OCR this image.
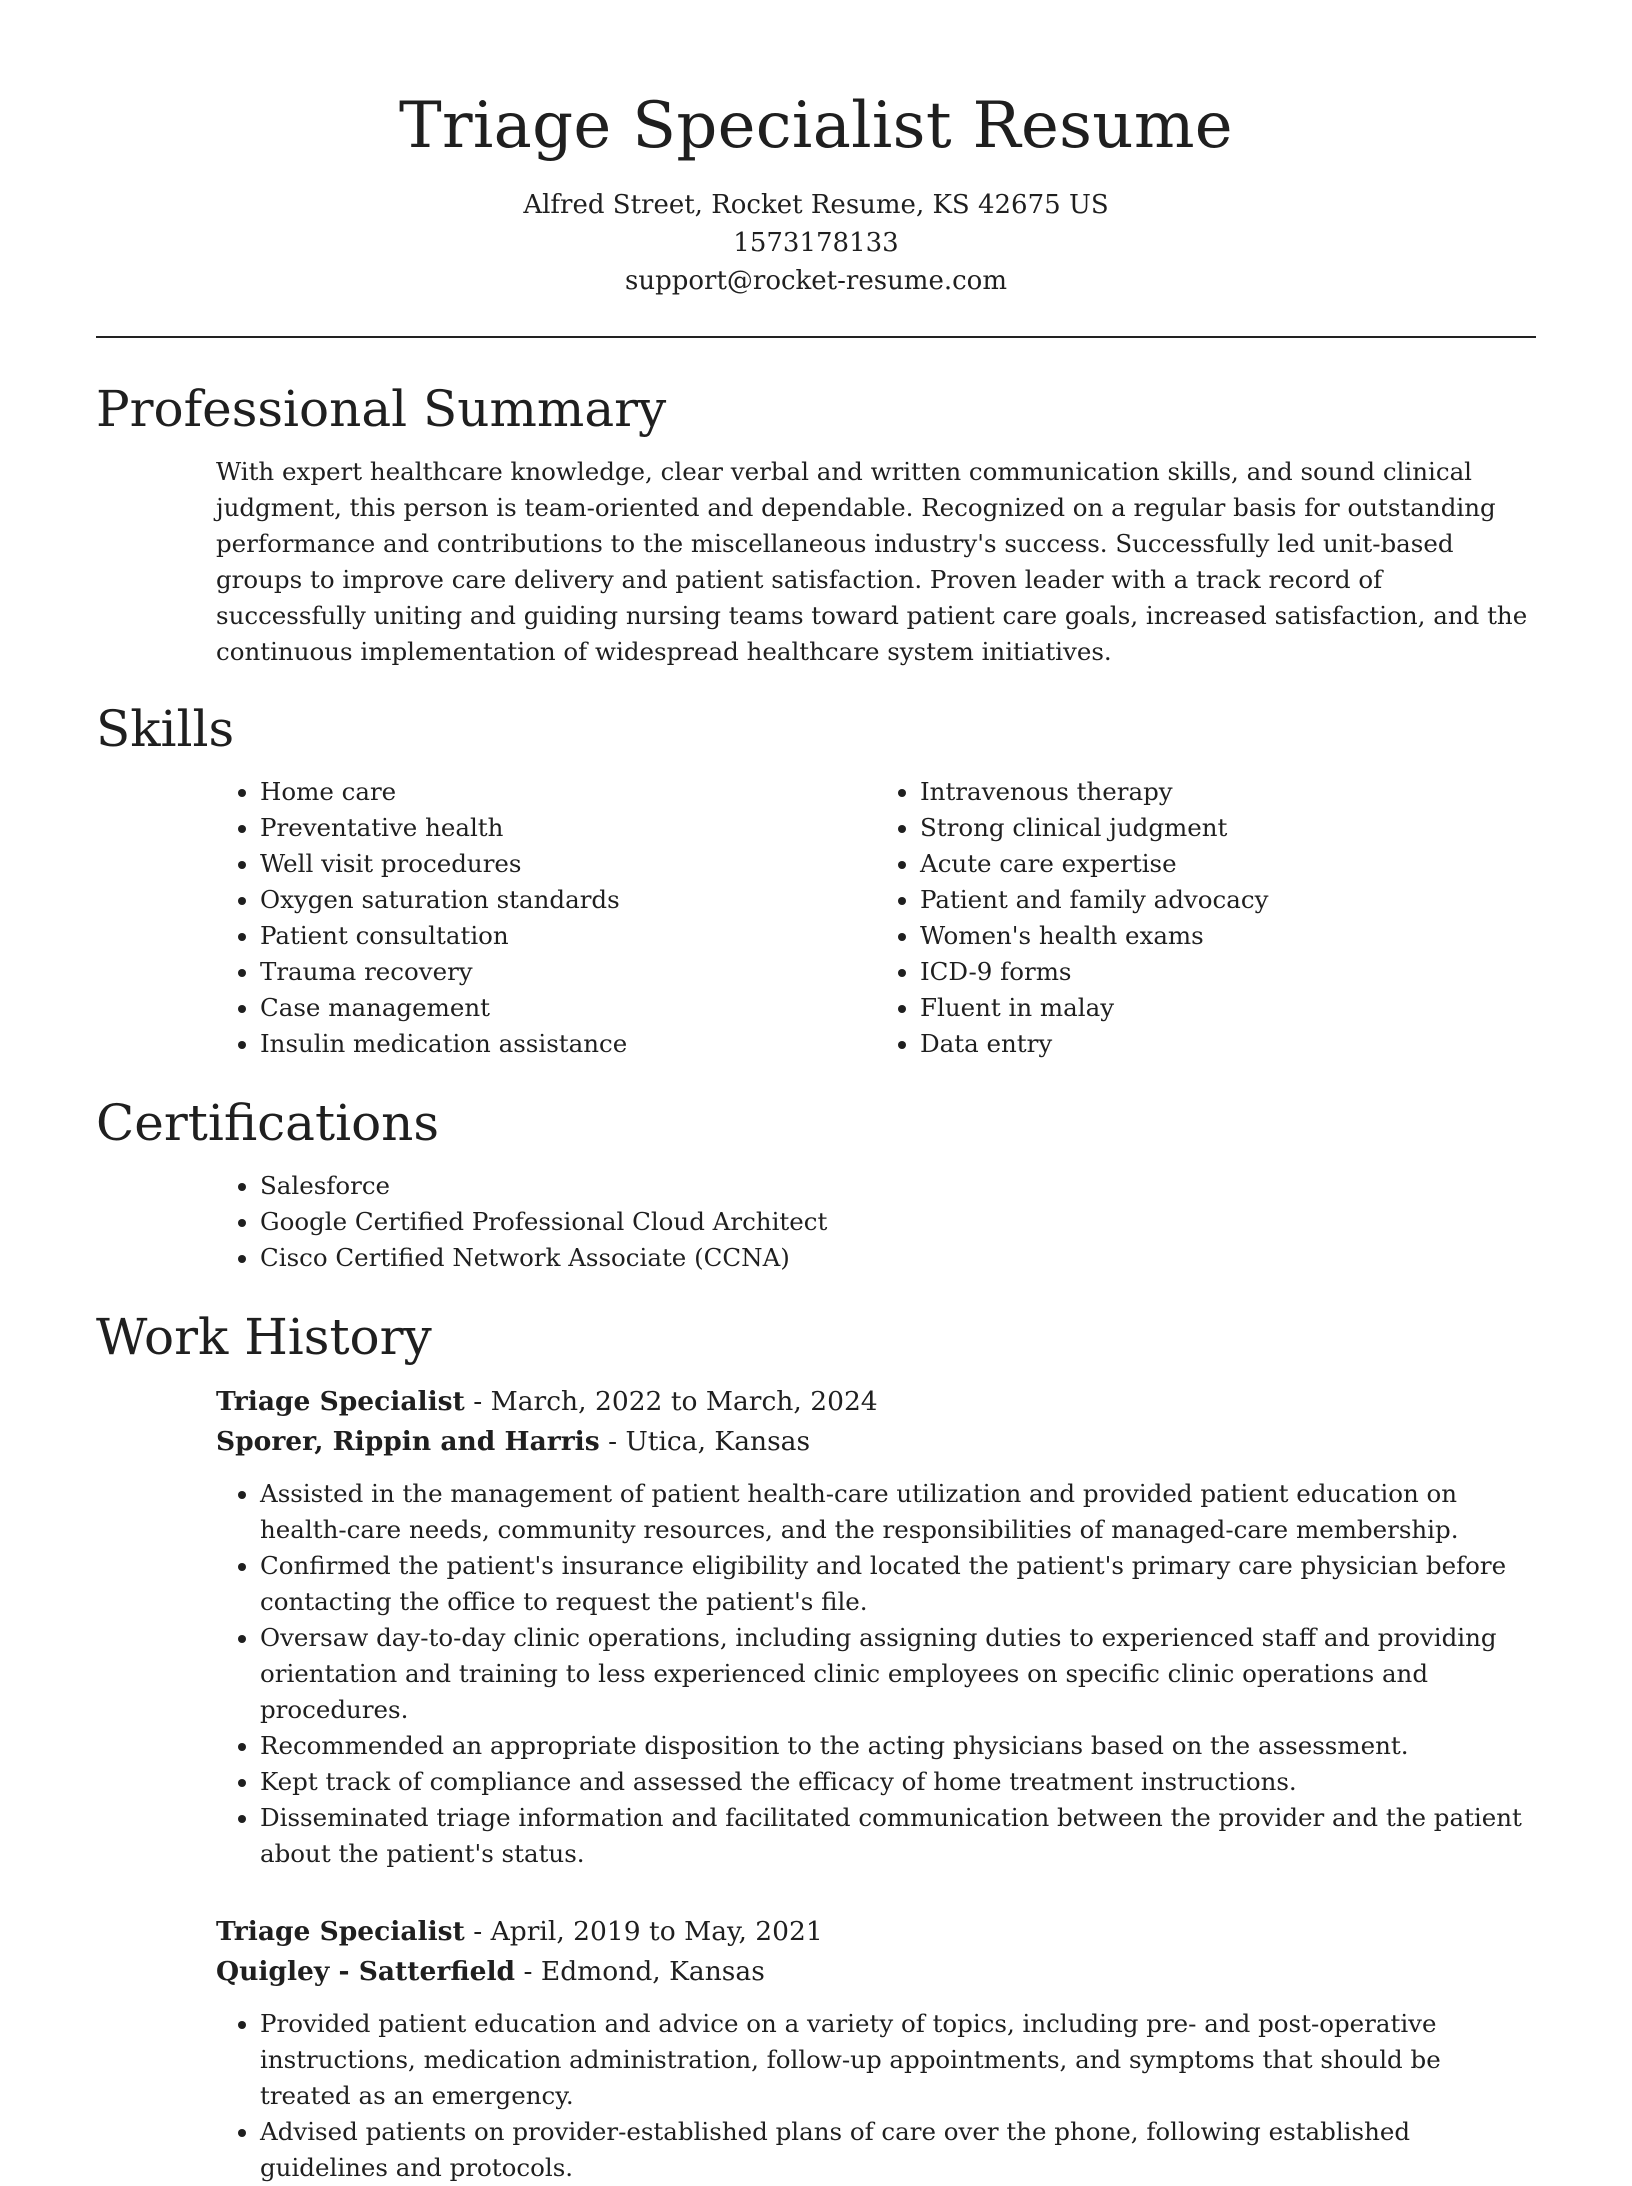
Triage Specialist Resume
Alfred Street, Rocket Resume, KS 42675 US
1573178133
support@rocket-resume.com
Professional Summary

With expert healthcare knowledge, clear verbal and written communication skills, and sound clinical judgment, this person is team-oriented and dependable. Recognized on a regular basis for outstanding performance and contributions to the miscellaneous industry's success. Successfully led unit-based groups to improve care delivery and patient satisfaction. Proven leader with a track record of successfully uniting and guiding nursing teams toward patient care goals, increased satisfaction, and the continuous implementation of widespread healthcare system initiatives.

Skills
• Home care
• Preventative health
• Well visit procedures
• Oxygen saturation standards
• Patient consultation
• Trauma recovery
• Case management
• Insulin medication assistance
• Intravenous therapy
• Strong clinical judgment
• Acute care expertise
• Patient and family advocacy
• Women's health exams
• ICD-9 forms
• Fluent in malay
• Data entry
Certifications
• Salesforce
• Google Certified Professional Cloud Architect
• Cisco Certified Network Associate (CCNA)
Work History
Triage Specialist - March, 2022 to March, 2024
Sporer, Rippin and Harris - Utica, Kansas
• Assisted in the management of patient health-care utilization and provided patient education on health-care needs, community resources, and the responsibilities of managed-care membership.
• Confirmed the patient's insurance eligibility and located the patient's primary care physician before contacting the office to request the patient's file.
• Oversaw day-to-day clinic operations, including assigning duties to experienced staff and providing orientation and training to less experienced clinic employees on specific clinic operations and procedures.
• Recommended an appropriate disposition to the acting physicians based on the assessment.
• Kept track of compliance and assessed the efficacy of home treatment instructions.
• Disseminated triage information and facilitated communication between the provider and the patient about the patient's status.
Triage Specialist - April, 2019 to May, 2021
Quigley - Satterfield - Edmond, Kansas
• Provided patient education and advice on a variety of topics, including pre- and post-operative instructions, medication administration, follow-up appointments, and symptoms that should be treated as an emergency.
• Advised patients on provider-established plans of care over the phone, following established guidelines and protocols.
